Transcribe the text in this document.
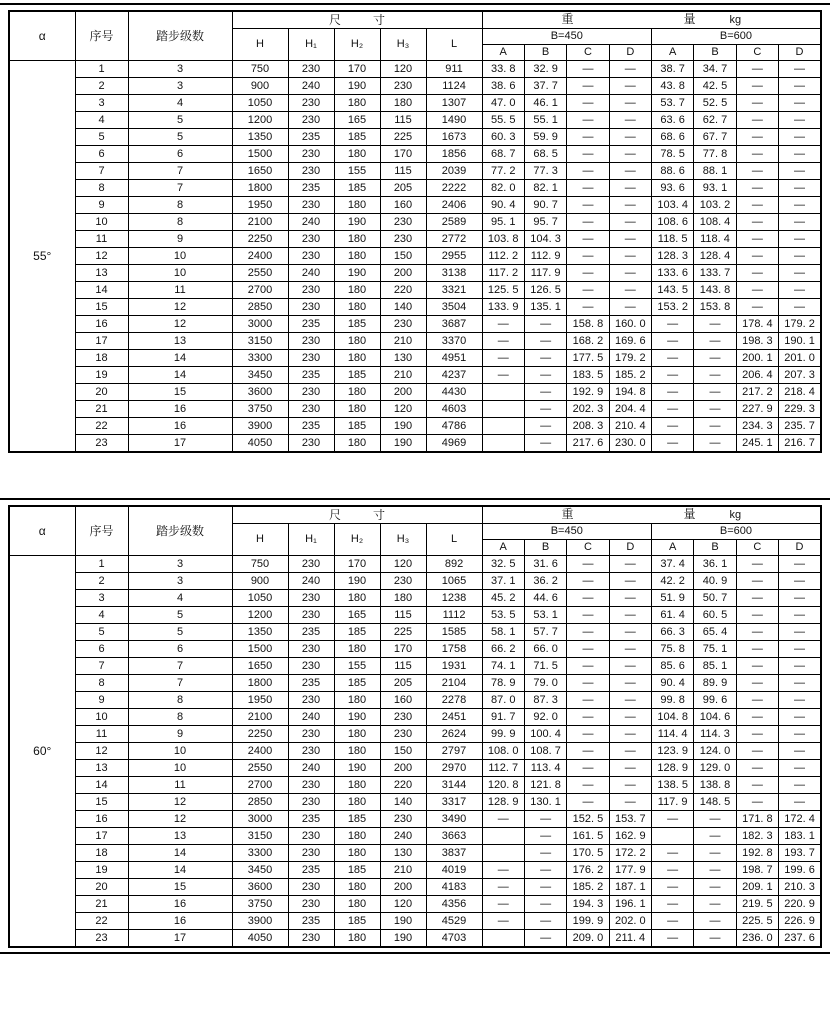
α	序号	踏步级数	尺 寸					重 量 kg							

			H	H₁	H₂	H₃	L	B=450				B=600			
								A	B	C	D	A	B	C	D
55°	1	3	750	230	170	120	911	33. 8	32. 9	—	—	38. 7	34. 7	—	—
	2	3	900	240	190	230	1124	38. 6	37. 7	—	—	43. 8	42. 5	—	—
	3	4	1050	230	180	180	1307	47. 0	46. 1	—	—	53. 7	52. 5	—	—
	4	5	1200	230	165	115	1490	55. 5	55. 1	—	—	63. 6	62. 7	—	—
	5	5	1350	235	185	225	1673	60. 3	59. 9	—	—	68. 6	67. 7	—	—
	6	6	1500	230	180	170	1856	68. 7	68. 5	—	—	78. 5	77. 8	—	—
	7	7	1650	230	155	115	2039	77. 2	77. 3	—	—	88. 6	88. 1	—	—
	8	7	1800	235	185	205	2222	82. 0	82. 1	—	—	93. 6	93. 1	—	—
	9	8	1950	230	180	160	2406	90. 4	90. 7	—	—	103. 4	103. 2	—	—
	10	8	2100	240	190	230	2589	95. 1	95. 7	—	—	108. 6	108. 4	—	—
	11	9	2250	230	180	230	2772	103. 8	104. 3	—	—	118. 5	118. 4	—	—
	12	10	2400	230	180	150	2955	112. 2	112. 9	—	—	128. 3	128. 4	—	—
	13	10	2550	240	190	200	3138	117. 2	117. 9	—	—	133. 6	133. 7	—	—
	14	11	2700	230	180	220	3321	125. 5	126. 5	—	—	143. 5	143. 8	—	—
	15	12	2850	230	180	140	3504	133. 9	135. 1	—	—	153. 2	153. 8	—	—
	16	12	3000	235	185	230	3687	—	—	158. 8	160. 0	—	—	178. 4	179. 2
	17	13	3150	230	180	210	3370	—	—	168. 2	169. 6	—	—	198. 3	190. 1
	18	14	3300	230	180	130	4951	—	—	177. 5	179. 2	—	—	200. 1	201. 0
	19	14	3450	235	185	210	4237	—	—	183. 5	185. 2	—	—	206. 4	207. 3
	20	15	3600	230	180	200	4430		—	192. 9	194. 8	—	—	217. 2	218. 4
	21	16	3750	230	180	120	4603		—	202. 3	204. 4	—	—	227. 9	229. 3
	22	16	3900	235	185	190	4786		—	208. 3	210. 4	—	—	234. 3	235. 7
	23	17	4050	230	180	190	4969		—	217. 6	230. 0	—	—	245. 1	216. 7
α	序号	踏步级数	尺 寸					重 量 kg							

			H	H₁	H₂	H₃	L	B=450				B=600			
								A	B	C	D	A	B	C	D
60°	1	3	750	230	170	120	892	32. 5	31. 6	—	—	37. 4	36. 1	—	—
	2	3	900	240	190	230	1065	37. 1	36. 2	—	—	42. 2	40. 9	—	—
	3	4	1050	230	180	180	1238	45. 2	44. 6	—	—	51. 9	50. 7	—	—
	4	5	1200	230	165	115	1112	53. 5	53. 1	—	—	61. 4	60. 5	—	—
	5	5	1350	235	185	225	1585	58. 1	57. 7	—	—	66. 3	65. 4	—	—
	6	6	1500	230	180	170	1758	66. 2	66. 0	—	—	75. 8	75. 1	—	—
	7	7	1650	230	155	115	1931	74. 1	71. 5	—	—	85. 6	85. 1	—	—
	8	7	1800	235	185	205	2104	78. 9	79. 0	—	—	90. 4	89. 9	—	—
	9	8	1950	230	180	160	2278	87. 0	87. 3	—	—	99. 8	99. 6	—	—
	10	8	2100	240	190	230	2451	91. 7	92. 0	—	—	104. 8	104. 6	—	—
	11	9	2250	230	180	230	2624	99. 9	100. 4	—	—	114. 4	114. 3	—	—
	12	10	2400	230	180	150	2797	108. 0	108. 7	—	—	123. 9	124. 0	—	—
	13	10	2550	240	190	200	2970	112. 7	113. 4	—	—	128. 9	129. 0	—	—
	14	11	2700	230	180	220	3144	120. 8	121. 8	—	—	138. 5	138. 8	—	—
	15	12	2850	230	180	140	3317	128. 9	130. 1	—	—	117. 9	148. 5	—	—
	16	12	3000	235	185	230	3490	—	—	152. 5	153. 7	—	—	171. 8	172. 4
	17	13	3150	230	180	240	3663		—	161. 5	162. 9		—	182. 3	183. 1
	18	14	3300	230	180	130	3837		—	170. 5	172. 2	—	—	192. 8	193. 7
	19	14	3450	235	185	210	4019	—	—	176. 2	177. 9	—	—	198. 7	199. 6
	20	15	3600	230	180	200	4183	—	—	185. 2	187. 1	—	—	209. 1	210. 3
	21	16	3750	230	180	120	4356	—	—	194. 3	196. 1	—	—	219. 5	220. 9
	22	16	3900	235	185	190	4529	—	—	199. 9	202. 0	—	—	225. 5	226. 9
	23	17	4050	230	180	190	4703		—	209. 0	211. 4	—	—	236. 0	237. 6
